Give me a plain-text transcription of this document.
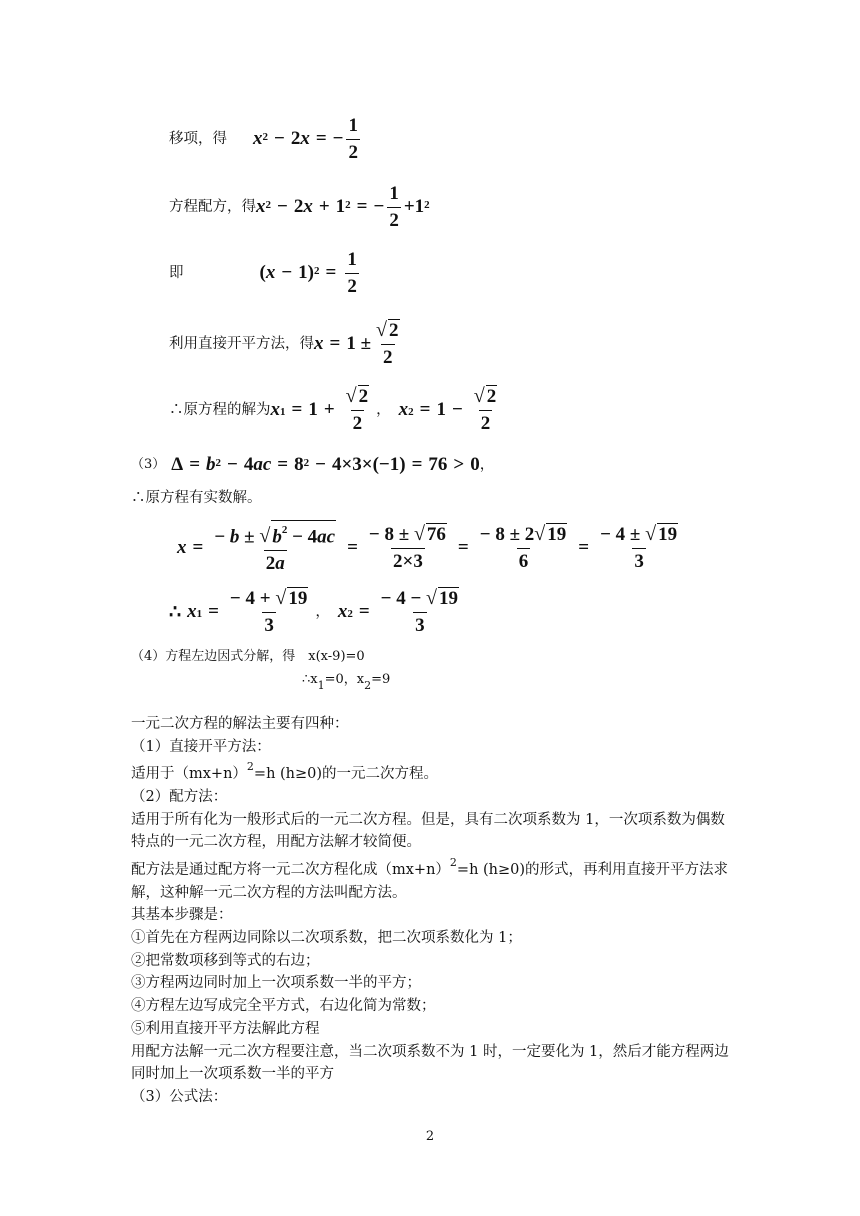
移项，得 $x^2 - 2$ x = − $\frac{1}{2}$
方程配方，得 $x^2 - 2$ $x + 1^2$ = − $\frac{1}{2} +1^2$
即	( $x - 1)^2 = \frac{1}{2}$
利用直接开平方法，得 $x = 1 \pm \frac{√ 2}{2}$
∴原方程的解为 $x_1 = 1 + \frac{√ 2}{2}$ ， $x_2 = 1 - \frac{√ 2}{2}$
（3） $\Delta = b^2 - 4$ ac = $8^2 - 4\times 3\times(-1) = 76 > 0$ ，
∴原方程有实数解。
$x = \frac{- b \pm √ b^2 - 4ac}{2a} = \frac{- 8 \pm √ 76}{2\times 3} = \frac{- 8 \pm 2 √ 19}{6} = \frac{- 4 \pm √ 19}{3}$
∴ $x_1 = \frac{- 4 + √ 19}{3}$ ， $x_2 = \frac{- 4 - √ 19}{3}$
（4）方程左边因式分解，得　x(x-9)=0
$\therefore x_1=0$，$x_2=9$
一元二次方程的解法主要有四种：
（1）直接开平方法：
适用于$(mx+n)^2=h$ (h≥0)的一元二次方程。
（2）配方法：
适用于所有化为一般形式后的一元二次方程。但是，具有二次项系数为 1，一次项系数为偶数特点的一元二次方程，用配方法解才较简便。
配方法是通过配方将一元二次方程化成$(mx+n)^2=h$ (h≥0)的形式，再利用直接开平方法求解，这种解一元二次方程的方法叫配方法。
其基本步骤是：
①首先在方程两边同除以二次项系数，把二次项系数化为 1；
②把常数项移到等式的右边；
③方程两边同时加上一次项系数一半的平方；
④方程左边写成完全平方式，右边化简为常数；
⑤利用直接开平方法解此方程
用配方法解一元二次方程要注意，当二次项系数不为 1 时，一定要化为 1，然后才能方程两边同时加上一次项系数一半的平方
（3）公式法：
2
